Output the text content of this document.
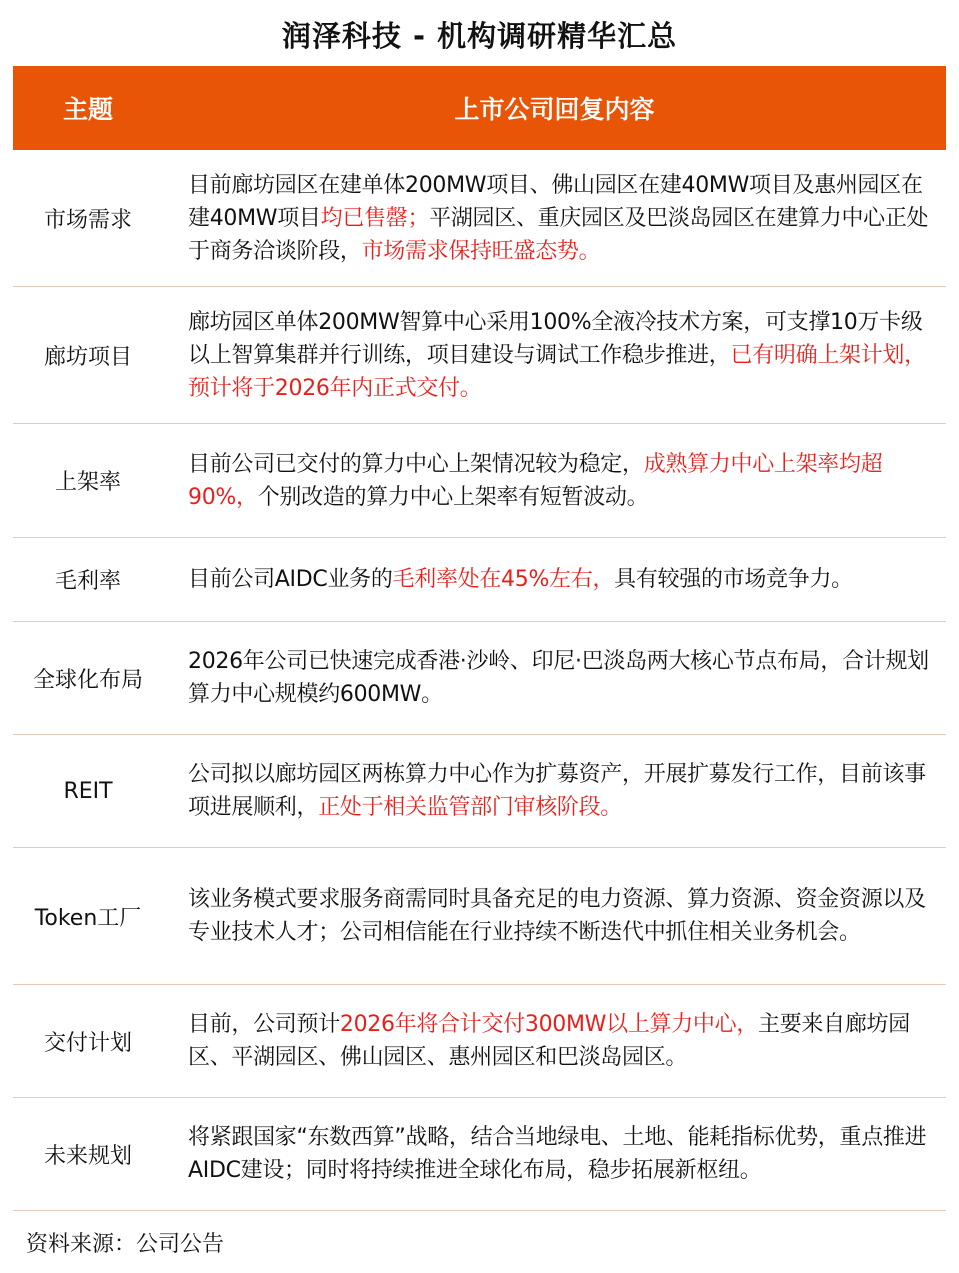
润泽科技 - 机构调研精华汇总
主题	上市公司回复内容
市场需求
目前廊坊园区在建单体200MW项目、佛山园区在建40MW项目及惠州园区在建40MW项目均已售罄；平湖园区、重庆园区及巴淡岛园区在建算力中心正处于商务洽谈阶段，市场需求保持旺盛态势。
廊坊项目
廊坊园区单体200MW智算中心采用100%全液冷技术方案，可支撑10万卡级以上智算集群并行训练，项目建设与调试工作稳步推进，已有明确上架计划，预计将于2026年内正式交付。
上架率
目前公司已交付的算力中心上架情况较为稳定，成熟算力中心上架率均超90%，个别改造的算力中心上架率有短暂波动。
毛利率	目前公司AIDC业务的毛利率处在45%左右，具有较强的市场竞争力。
全球化布局
2026年公司已快速完成香港·沙岭、印尼·巴淡岛两大核心节点布局，合计规划算力中心规模约600MW。
REIT
公司拟以廊坊园区两栋算力中心作为扩募资产，开展扩募发行工作，目前该事项进展顺利，正处于相关监管部门审核阶段。
Token工厂
该业务模式要求服务商需同时具备充足的电力资源、算力资源、资金资源以及专业技术人才；公司相信能在行业持续不断迭代中抓住相关业务机会。
交付计划
目前，公司预计2026年将合计交付300MW以上算力中心，主要来自廊坊园区、平湖园区、佛山园区、惠州园区和巴淡岛园区。
未来规划
将紧跟国家“东数西算”战略，结合当地绿电、土地、能耗指标优势，重点推进AIDC建设；同时将持续推进全球化布局，稳步拓展新枢纽。
资料来源：公司公告
